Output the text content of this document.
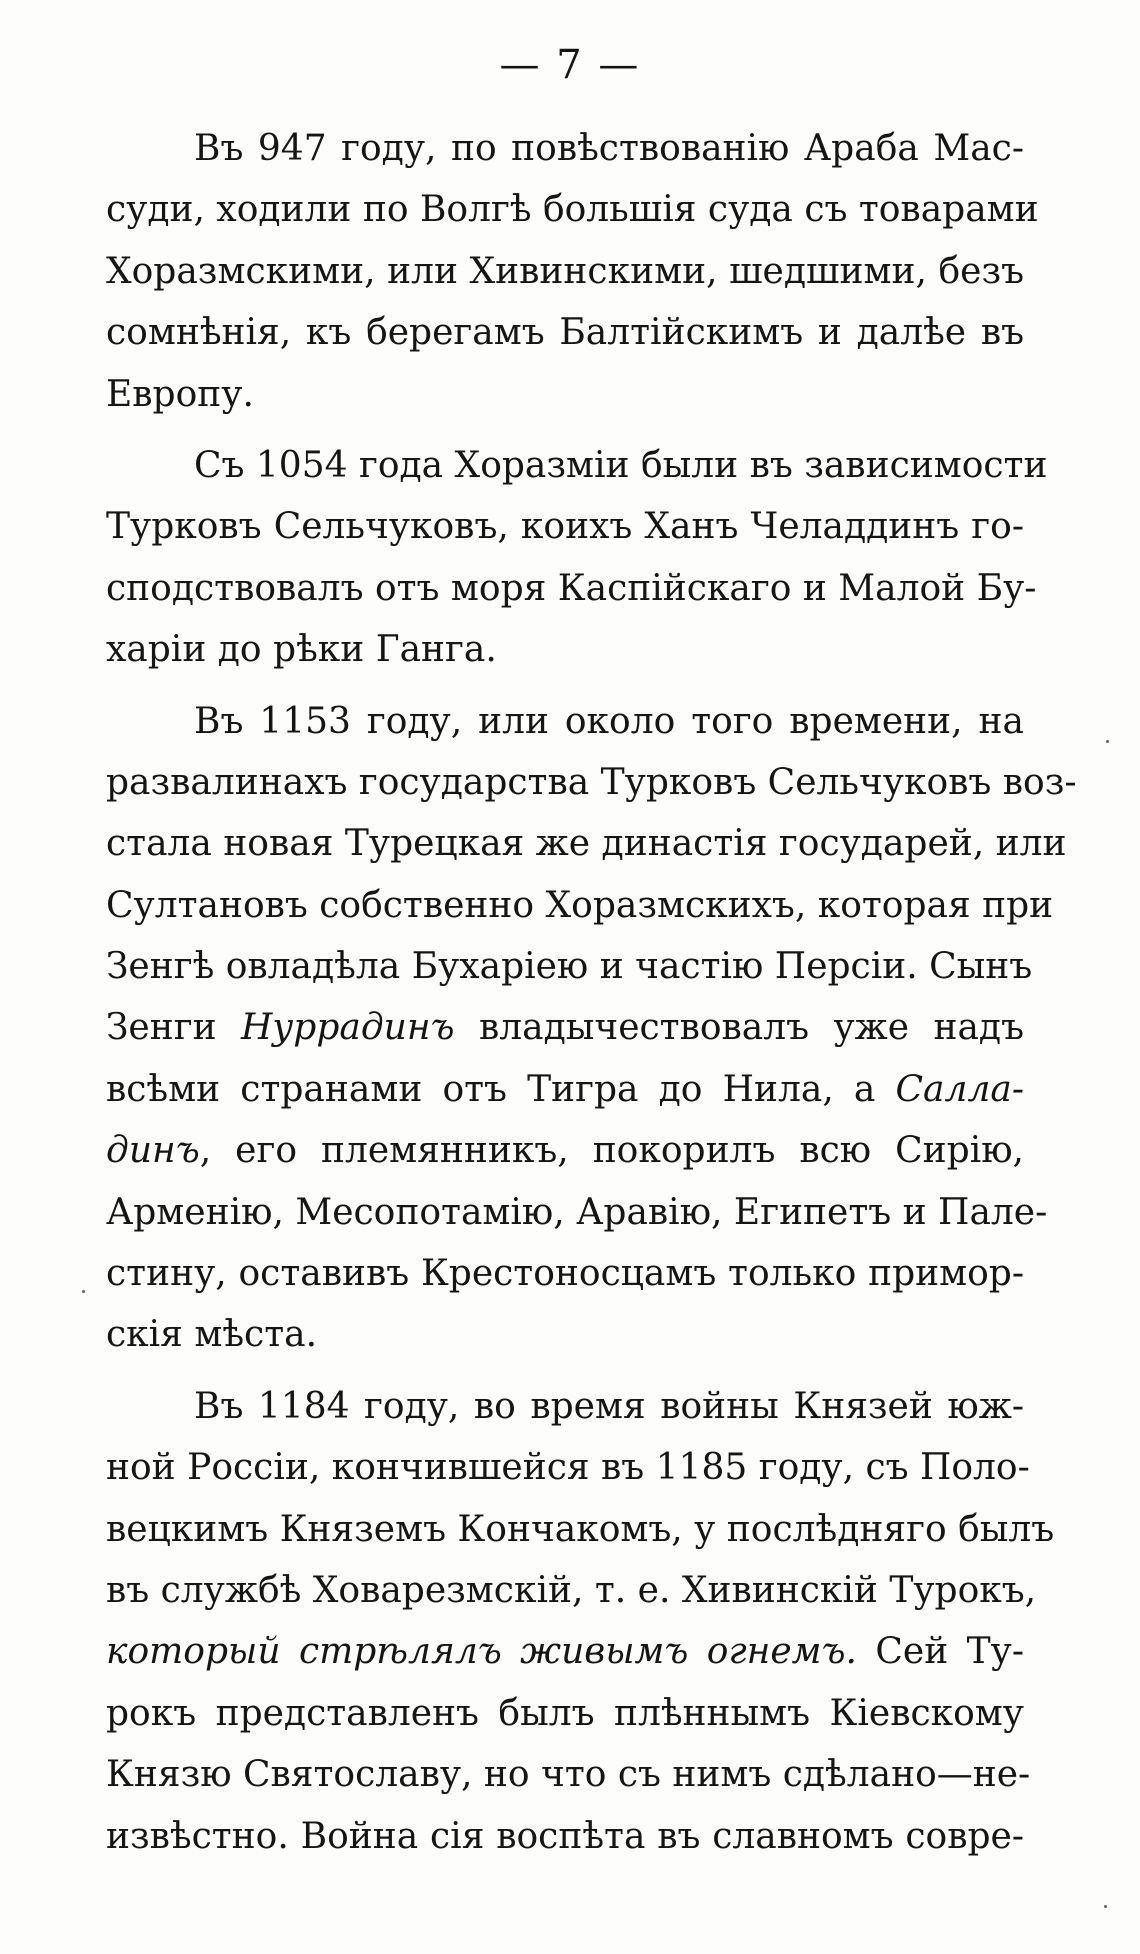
— 7 —
Въ 947 году, по повѣствованію Араба Мас-
суди, ходили по Волгѣ большія суда съ товарами
Хоразмскими, или Хивинскими, шедшими, безъ
сомнѣнія, къ берегамъ Балтійскимъ и далѣе въ
Европу.
Съ 1054 года Хоразміи были въ зависимости
Турковъ Сельчуковъ, коихъ Ханъ Челаддинъ го-
сподствовалъ отъ моря Каспійскаго и Малой Бу-
харіи до рѣки Ганга.
Въ 1153 году, или около того времени, на
развалинахъ государства Турковъ Сельчуковъ воз-
стала новая Турецкая же династія государей, или
Султановъ собственно Хоразмскихъ, которая при
Зенгѣ овладѣла Бухаріею и частію Персіи. Сынъ
Зенги Нуррадинъ владычествовалъ уже надъ
всѣми странами отъ Тигра до Нила, а Салла-
динъ, его племянникъ, покорилъ всю Сирію,
Арменію, Месопотамію, Аравію, Египетъ и Пале-
стину, оставивъ Крестоносцамъ только примор-
скія мѣста.
Въ 1184 году, во время войны Князей юж-
ной Россіи, кончившейся въ 1185 году, съ Поло-
вецкимъ Княземъ Кончакомъ, у послѣдняго былъ
въ службѣ Ховарезмскій, т. е. Хивинскій Турокъ,
который стрѣлялъ живымъ огнемъ. Сей Ту-
рокъ представленъ былъ плѣннымъ Кіевскому
Князю Святославу, но что съ нимъ сдѣлано—не-
извѣстно. Война сія воспѣта въ славномъ совре-
